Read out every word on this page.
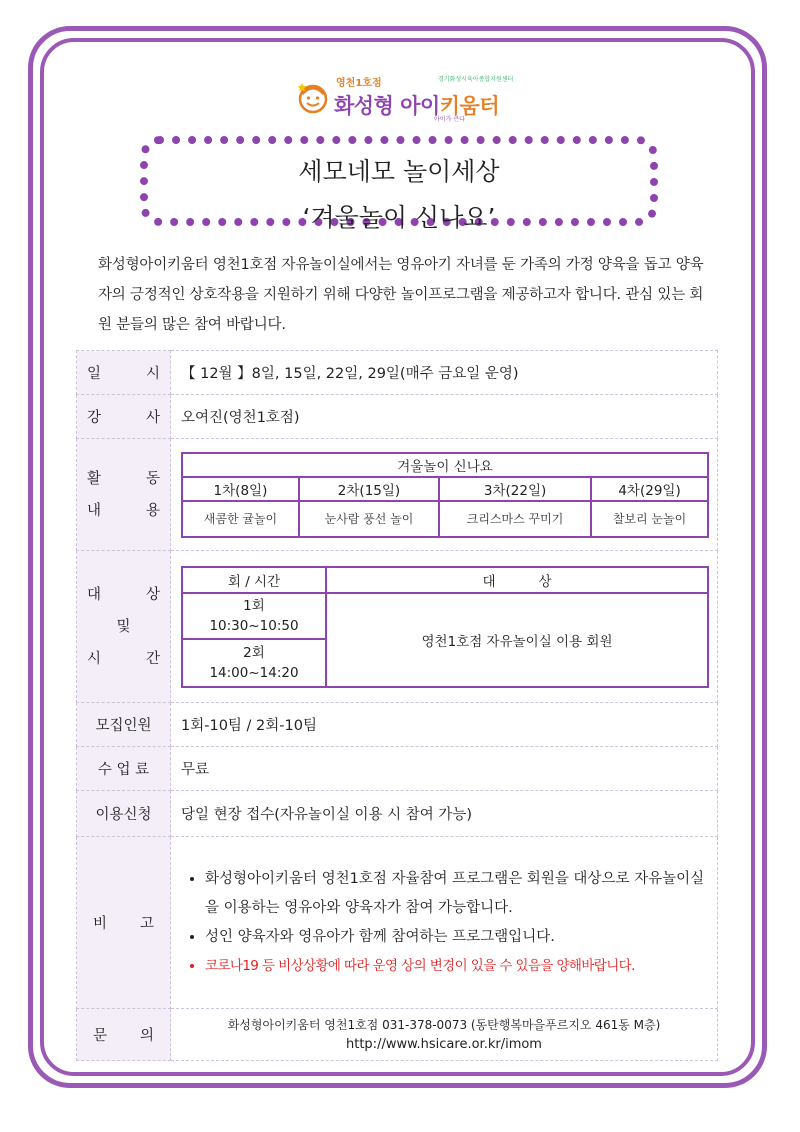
영천1호점	경기화성시육아종합지원센터
화성형 아이키움터
아이가 큰다
세모네모 놀이세상
‘겨울놀이 신나요’
화성형아이키움터 영천1호점 자유놀이실에서는 영유아기 자녀를 둔 가족의 가정 양육을 돕고 양육자의 긍정적인 상호작용을 지원하기 위해 다양한 놀이프로그램을 제공하고자 합니다. 관심 있는 회원 분들의 많은 참여 바랍니다.
일	시	【 12월 】8일, 15일, 22일, 29일(매주 금요일 운영)

강	사	오여진(영천1호점)

활	동
내	용

겨울놀이 신나요
1차(8일)	2차(15일)	3차(22일)	4차(29일)
새콤한 귤놀이	눈사람 풍선 놀이	크리스마스 꾸미기	찰보리 눈놀이

대	상
및
시	간

회 / 시간	대          상

1회
10:30~10:50
	영천1호점 자유놀이실 이용 회원

2회
14:00~14:20

모집인원	1회-10팀 / 2회-10팀
수 업 료	무료
이용신청	당일 현장 접수(자유놀이실 이용 시 참여 가능)

비 고

• 화성형아이키움터 영천1호점 자율참여 프로그램은 회원을 대상으로 자유놀이실을 이용하는 영유아와 양육자가 참여 가능합니다.
• 성인 양육자와 영유아가 함께 참여하는 프로그램입니다.
• 코로나19 등 비상상황에 따라 운영 상의 변경이 있을 수 있음을 양해바랍니다.

문 의

화성형아이키움터 영천1호점 031-378-0073 (동탄행복마을푸르지오 461동 M층)
http://www.hsicare.or.kr/imom
